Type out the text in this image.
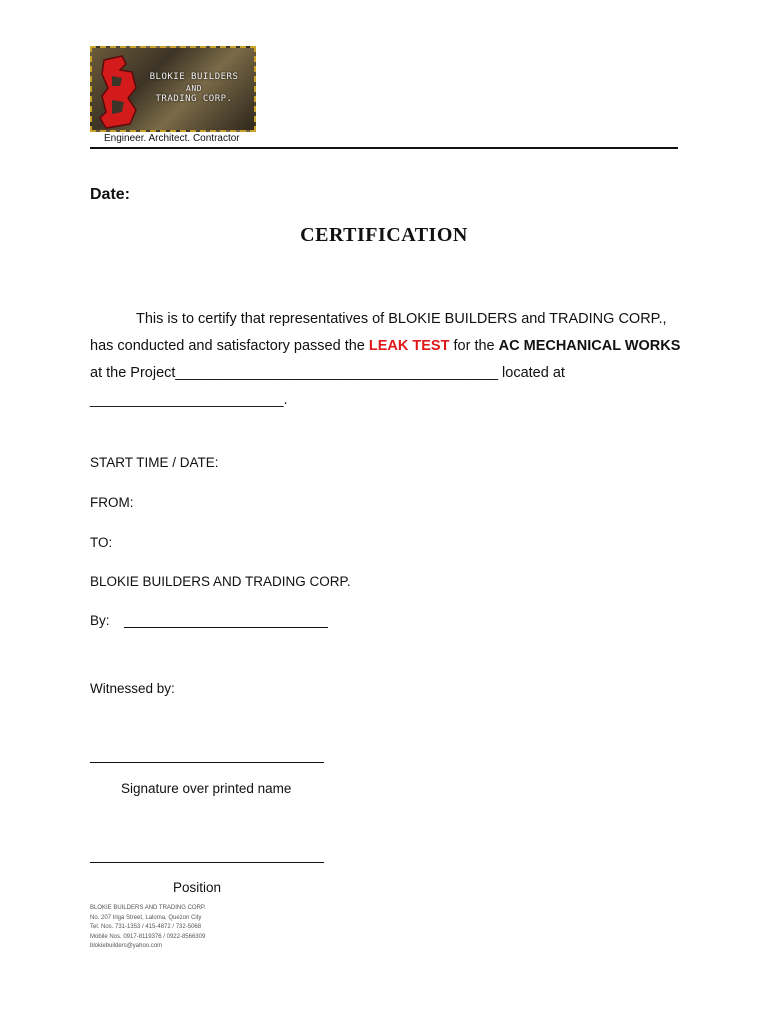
BLOKIE BUILDERS
AND
TRADING CORP.
Engineer. Architect. Contractor
Date:
CERTIFICATION
This is to certify that representatives of BLOKIE BUILDERS and TRADING CORP., has conducted and satisfactory passed the LEAK TEST for the AC MECHANICAL WORKS at the Project________________________________________ located at ________________________.
START TIME / DATE:
FROM:
TO:
BLOKIE BUILDERS AND TRADING CORP.
By:
Witnessed by:
Signature over printed name
Position
BLOKIE BUILDERS AND TRADING CORP.
No. 207 Iriga Street, Laloma, Quezon City
Tel. Nos. 731-1353 / 415-4872 / 732-5068
Mobile Nos. 0917-8119376 / 0922-8566309
blokiebuilders@yahoo.com
